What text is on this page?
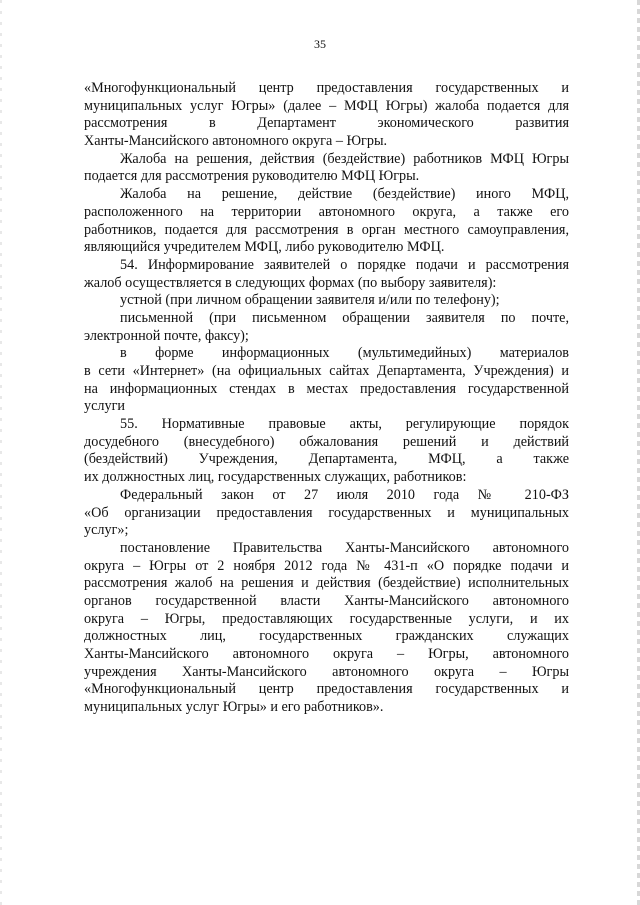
35
«Многофункциональный центр предоставления государственных и
муниципальных услуг Югры» (далее – МФЦ Югры) жалоба подается для
рассмотрения в Департамент экономического развития
Ханты-Мансийского автономного округа – Югры.
Жалоба на решения, действия (бездействие) работников МФЦ Югры
подается для рассмотрения руководителю МФЦ Югры.
Жалоба на решение, действие (бездействие) иного МФЦ,
расположенного на территории автономного округа, а также его
работников, подается для рассмотрения в орган местного самоуправления,
являющийся учредителем МФЦ, либо руководителю МФЦ.
54. Информирование заявителей о порядке подачи и рассмотрения
жалоб осуществляется в следующих формах (по выбору заявителя):
устной (при личном обращении заявителя и/или по телефону);
письменной (при письменном обращении заявителя по почте,
электронной почте, факсу);
в форме информационных (мультимедийных) материалов
в сети «Интернет» (на официальных сайтах Департамента, Учреждения) и
на информационных стендах в местах предоставления государственной
услуги
55. Нормативные правовые акты, регулирующие порядок
досудебного (внесудебного) обжалования решений и действий
(бездействий) Учреждения, Департамента, МФЦ, а также
их должностных лиц, государственных служащих, работников:
Федеральный закон от 27 июля 2010 года № 210-ФЗ
«Об организации предоставления государственных и муниципальных
услуг»;
постановление Правительства Ханты-Мансийского автономного
округа – Югры от 2 ноября 2012 года № 431-п «О порядке подачи и
рассмотрения жалоб на решения и действия (бездействие) исполнительных
органов государственной власти Ханты-Мансийского автономного
округа – Югры, предоставляющих государственные услуги, и их
должностных лиц, государственных гражданских служащих
Ханты-Мансийского автономного округа – Югры, автономного
учреждения Ханты-Мансийского автономного округа – Югры
«Многофункциональный центр предоставления государственных и
муниципальных услуг Югры» и его работников».
